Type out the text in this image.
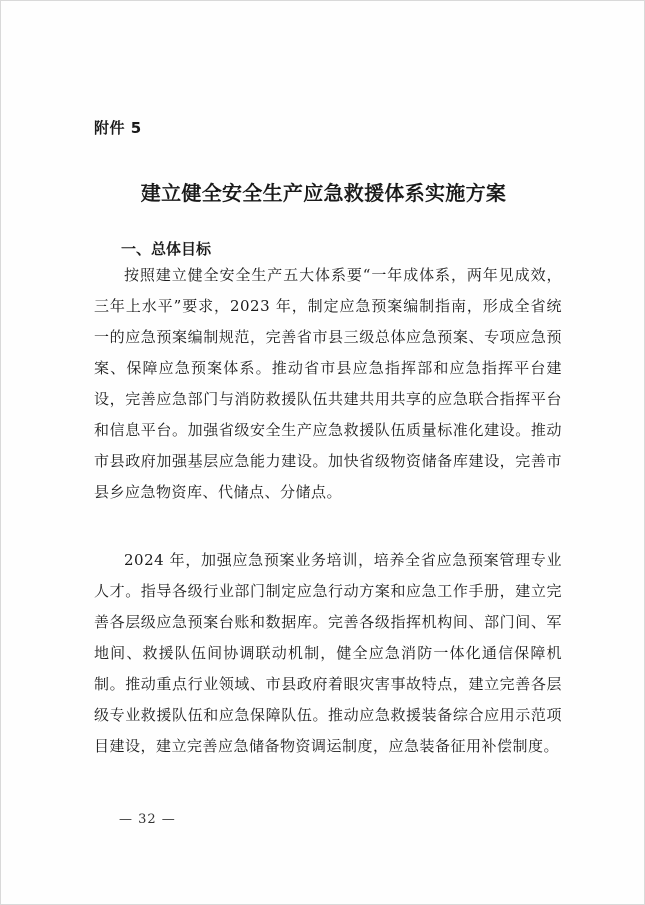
附件 5

建立健全安全生产应急救援体系实施方案
一、总体目标

按照建立健全安全生产五大体系要“一年成体系，两年见成效，三年上水平”要求，2023 年，制定应急预案编制指南，形成全省统一的应急预案编制规范，完善省市县三级总体应急预案、专项应急预案、保障应急预案体系。推动省市县应急指挥部和应急指挥平台建设，完善应急部门与消防救援队伍共建共用共享的应急联合指挥平台和信息平台。加强省级安全生产应急救援队伍质量标准化建设。推动市县政府加强基层应急能力建设。加快省级物资储备库建设，完善市县乡应急物资库、代储点、分储点。

2024 年，加强应急预案业务培训，培养全省应急预案管理专业人才。指导各级行业部门制定应急行动方案和应急工作手册，建立完善各层级应急预案台账和数据库。完善各级指挥机构间、部门间、军地间、救援队伍间协调联动机制，健全应急消防一体化通信保障机制。推动重点行业领域、市县政府着眼灾害事故特点，建立完善各层级专业救援队伍和应急保障队伍。推动应急救援装备综合应用示范项目建设，建立完善应急储备物资调运制度，应急装备征用补偿制度。

— 32 —
